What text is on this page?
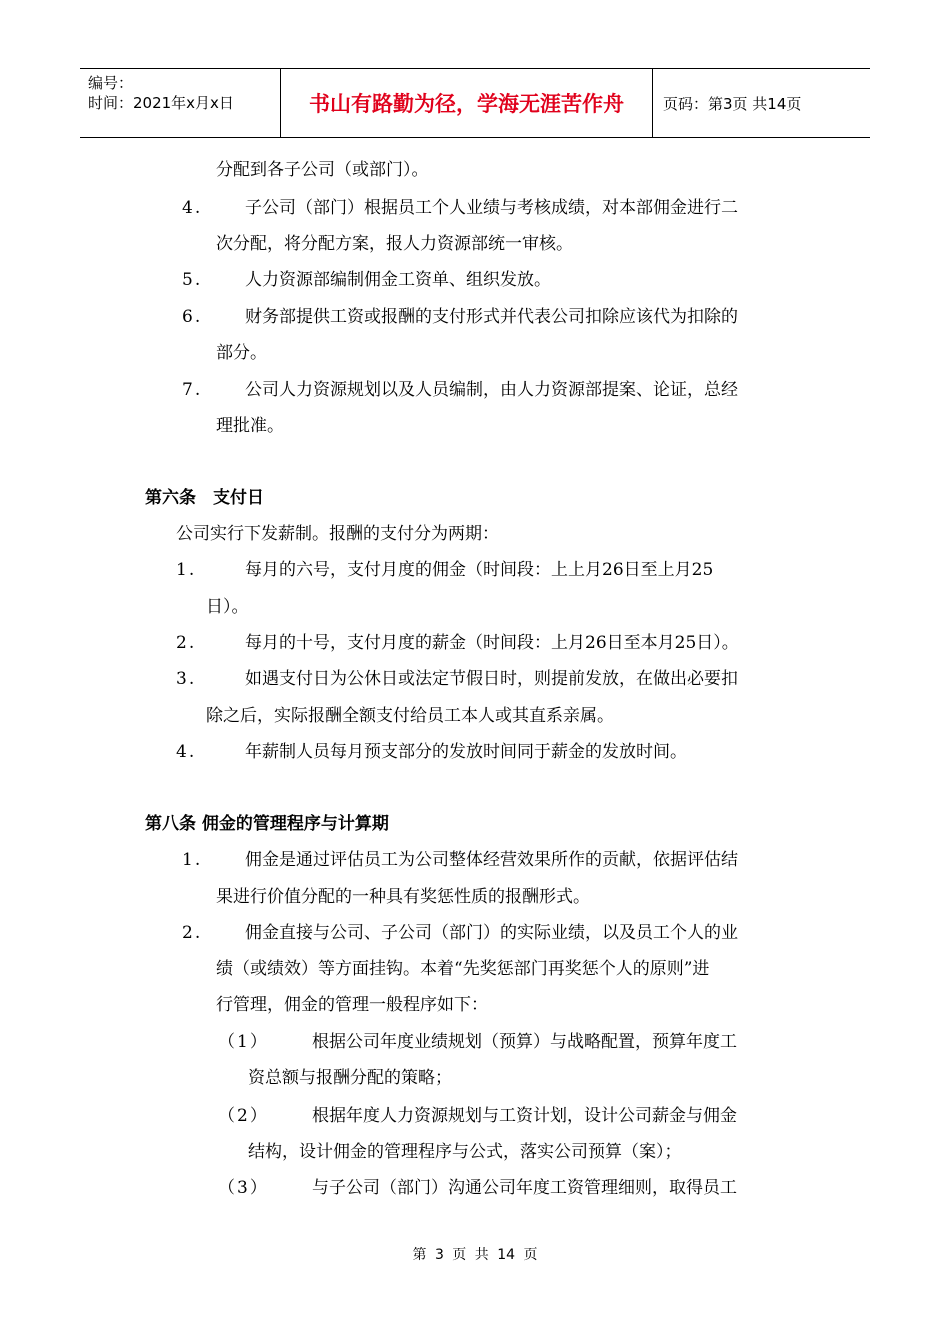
编号：
时间：2021年x月x日	书山有路勤为径，学海无涯苦作舟	页码：第3页 共14页
分配到各子公司（或部门）。
4.	子公司（部门）根据员工个人业绩与考核成绩，对本部佣金进行二
次分配，将分配方案，报人力资源部统一审核。
5.	人力资源部编制佣金工资单、组织发放。
6.	财务部提供工资或报酬的支付形式并代表公司扣除应该代为扣除的
部分。
7.	公司人力资源规划以及人员编制，由人力资源部提案、论证，总经
理批准。
第六条　支付日
公司实行下发薪制。报酬的支付分为两期：
1.	每月的六号，支付月度的佣金（时间段：上上月26日至上月25
日）。
2.	每月的十号，支付月度的薪金（时间段：上月26日至本月25日）。
3.	如遇支付日为公休日或法定节假日时，则提前发放，在做出必要扣
除之后，实际报酬全额支付给员工本人或其直系亲属。
4.	年薪制人员每月预支部分的发放时间同于薪金的发放时间。
第八条 佣金的管理程序与计算期
1.	佣金是通过评估员工为公司整体经营效果所作的贡献，依据评估结
果进行价值分配的一种具有奖惩性质的报酬形式。
2.	佣金直接与公司、子公司（部门）的实际业绩，以及员工个人的业
绩（或绩效）等方面挂钩。本着“先奖惩部门再奖惩个人的原则”进
行管理，佣金的管理一般程序如下：
（1）	根据公司年度业绩规划（预算）与战略配置，预算年度工
资总额与报酬分配的策略；
（2）	根据年度人力资源规划与工资计划，设计公司薪金与佣金
结构，设计佣金的管理程序与公式，落实公司预算（案）；
（3）	与子公司（部门）沟通公司年度工资管理细则，取得员工
第 3 页 共 14 页
